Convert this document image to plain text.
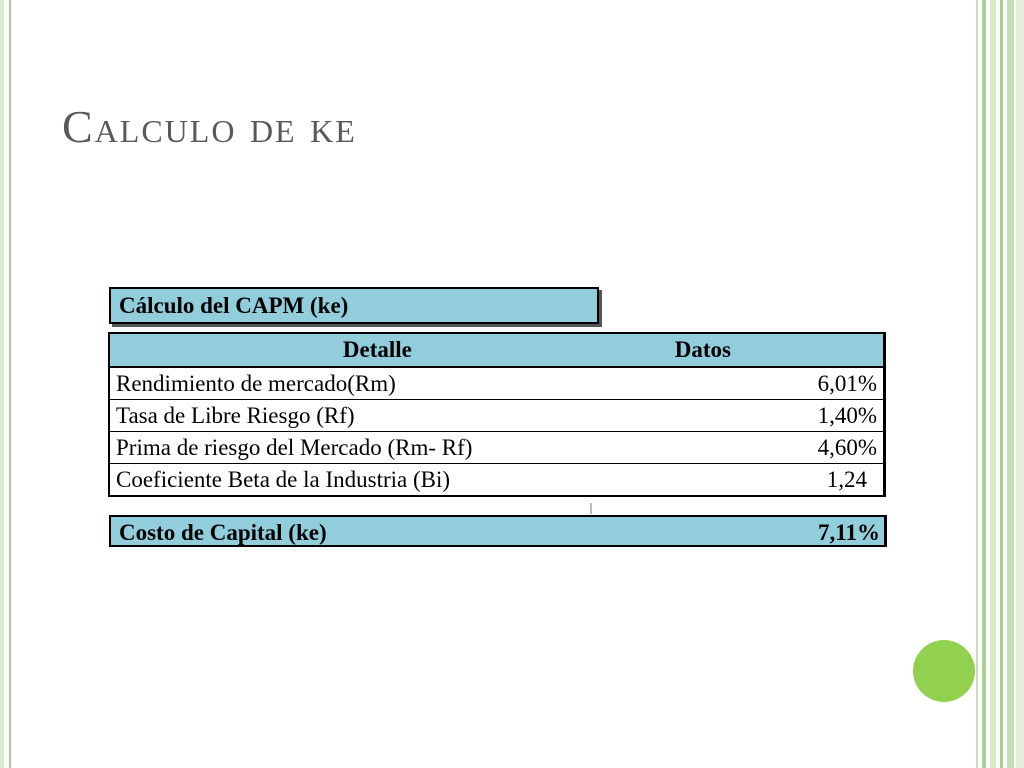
Calculo de ke
Cálculo del CAPM (ke)
Detalle	Datos
Rendimiento de mercado(Rm)	6,01%
Tasa de Libre Riesgo (Rf)	1,40%
Prima de riesgo del Mercado (Rm- Rf)	4,60%
Coeficiente Beta de la Industria (Bi)	1,24
Costo de Capital (ke)	7,11%
